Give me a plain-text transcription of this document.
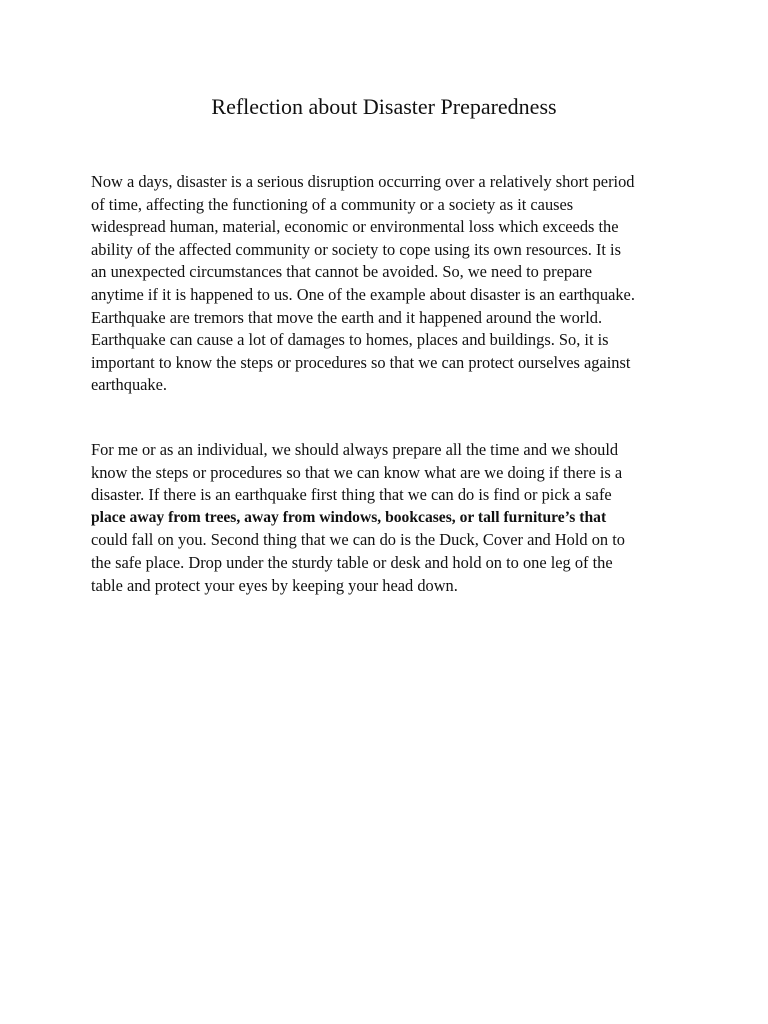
Reflection about Disaster Preparedness
Now a days, disaster is a serious disruption occurring over a relatively short period
of time, affecting the functioning of a community or a society as it causes
widespread human, material, economic or environmental loss which exceeds the
ability of the affected community or society to cope using its own resources. It is
an unexpected circumstances that cannot be avoided. So, we need to prepare
anytime if it is happened to us. One of the example about disaster is an earthquake.
Earthquake are tremors that move the earth and it happened around the world.
Earthquake can cause a lot of damages to homes, places and buildings. So, it is
important to know the steps or procedures so that we can protect ourselves against
earthquake.
For me or as an individual, we should always prepare all the time and we should
know the steps or procedures so that we can know what are we doing if there is a
disaster. If there is an earthquake first thing that we can do is find or pick a safe
place away from trees, away from windows, bookcases, or tall furniture’s that
could fall on you. Second thing that we can do is the Duck, Cover and Hold on to
the safe place. Drop under the sturdy table or desk and hold on to one leg of the
table and protect your eyes by keeping your head down.
